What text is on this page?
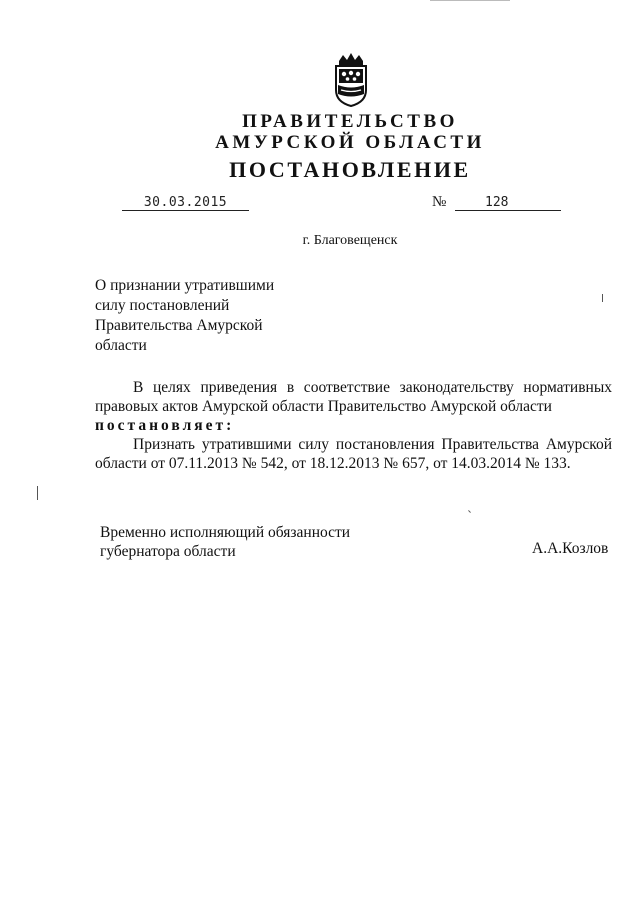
ПРАВИТЕЛЬСТВО
АМУРСКОЙ ОБЛАСТИ
ПОСТАНОВЛЕНИЕ
30.03.2015	№	128
г. Благовещенск
О признании утратившими
силу постановлений
Правительства Амурской
области
В целях приведения в соответствие законодательству нормативных
правовых актов Амурской области Правительство Амурской области
постановляет:
Признать утратившими силу постановления Правительства Амурской
области от 07.11.2013 № 542, от 18.12.2013 № 657, от 14.03.2014 № 133.
Временно исполняющий обязанности
губернатора области	А.А.Козлов
